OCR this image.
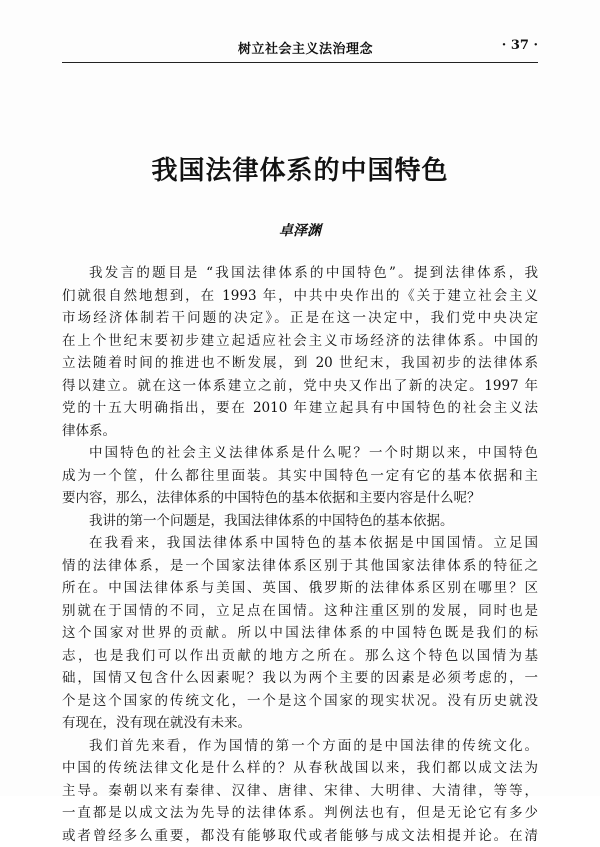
树立社会主义法治理念	· 37 ·
我国法律体系的中国特色
卓泽渊
我发言的题目是 “我国法律体系的中国特色”。提到法律体系，我
们就很自然地想到，在 1993 年，中共中央作出的《关于建立社会主义
市场经济体制若干问题的决定》。正是在这一决定中，我们党中央决定
在上个世纪末要初步建立起适应社会主义市场经济的法律体系。中国的
立法随着时间的推进也不断发展，到 20 世纪末，我国初步的法律体系
得以建立。就在这一体系建立之前，党中央又作出了新的决定。1997 年
党的十五大明确指出，要在 2010 年建立起具有中国特色的社会主义法
律体系。
中国特色的社会主义法律体系是什么呢？一个时期以来，中国特色
成为一个筐，什么都往里面装。其实中国特色一定有它的基本依据和主
要内容，那么，法律体系的中国特色的基本依据和主要内容是什么呢？
我讲的第一个问题是，我国法律体系的中国特色的基本依据。
在我看来，我国法律体系中国特色的基本依据是中国国情。立足国
情的法律体系，是一个国家法律体系区别于其他国家法律体系的特征之
所在。中国法律体系与美国、英国、俄罗斯的法律体系区别在哪里？区
别就在于国情的不同，立足点在国情。这种注重区别的发展，同时也是
这个国家对世界的贡献。所以中国法律体系的中国特色既是我们的标
志，也是我们可以作出贡献的地方之所在。那么这个特色以国情为基
础，国情又包含什么因素呢？我以为两个主要的因素是必须考虑的，一
个是这个国家的传统文化，一个是这个国家的现实状况。没有历史就没
有现在，没有现在就没有未来。
我们首先来看，作为国情的第一个方面的是中国法律的传统文化。
中国的传统法律文化是什么样的？从春秋战国以来，我们都以成文法为
主导。秦朝以来有秦律、汉律、唐律、宋律、大明律、大清律，等等，
一直都是以成文法为先导的法律体系。判例法也有，但是无论它有多少
或者曾经多么重要，都没有能够取代或者能够与成文法相提并论。在清
